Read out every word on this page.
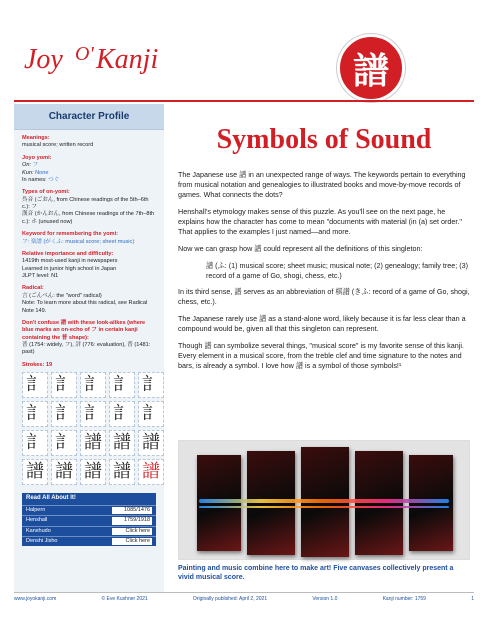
Joy O' Kanji	譜
Character Profile
Meanings:
musical score; written record
Joyo yomi:
On: フ
Kun: None
In names: つぐ
Types of on-yomi:
呉音 (ごおん, from Chinese readings of the 5th–6th c.): フ
漢音 (かんおん, from Chinese readings of the 7th–8th c.): ホ (unused now)
Keyword for remembering the yomi:
フ: 楽譜 (がくふ: musical score; sheet music)
Relative importance and difficulty:
1419th most-used kanji in newspapers
Learned in junior high school in Japan
JLPT level: N1
Radical:
言 (ごんべん: the "word" radical)
Note: To learn more about this radical, see Radical Note 149.
Don't confuse 譜 with these look-alikes (where blue marks an on-echo of フ in certain kanji containing the 普 shape):
普 (1754: widely, フ), 評 (776: evaluation), 普 (1481: past)
Strokes: 19
訁 訁 訁 訁 訁
訁 訁 訁 訁 訁
訁 訁 譜 譜 譜
譜 譜 譜 譜 譜
Read All About It!
Halpern	1085/1476
Henshall	1759/1918
Kanshudo	Click here
Denshi Jisho	Click here
Symbols of Sound

The Japanese use 譜 in an unexpected range of ways. The keywords pertain to everything from musical notation and genealogies to illustrated books and move-by-move records of games. What connects the dots?

Henshall's etymology makes sense of this puzzle. As you'll see on the next page, he explains how the character has come to mean "documents with material (in (a) set order." That applies to the examples I just named—and more.

Now we can grasp how 譜 could represent all the definitions of this singleton:

譜 (ふ: (1) musical score; sheet music; musical note; (2) genealogy; family tree; (3) record of a game of Go, shogi, chess, etc.)

In its third sense, 譜 serves as an abbreviation of 棋譜 (きふ: record of a game of Go, shogi, chess, etc.).

The Japanese rarely use 譜 as a stand-alone word, likely because it is far less clear than a compound would be, given all that this singleton can represent.

Though 譜 can symbolize several things, "musical score" is my favorite sense of this kanji. Every element in a musical score, from the treble clef and time signature to the notes and bars, is already a symbol. I love how 譜 is a symbol of those symbols!¹

Painting and music combine here to make art! Five canvases collectively present a vivid musical score.
www.joyokanji.com	© Eve Kushner 2021	Originally published: April 2, 2021	Version 1.0	Kanji number: 1759	1
